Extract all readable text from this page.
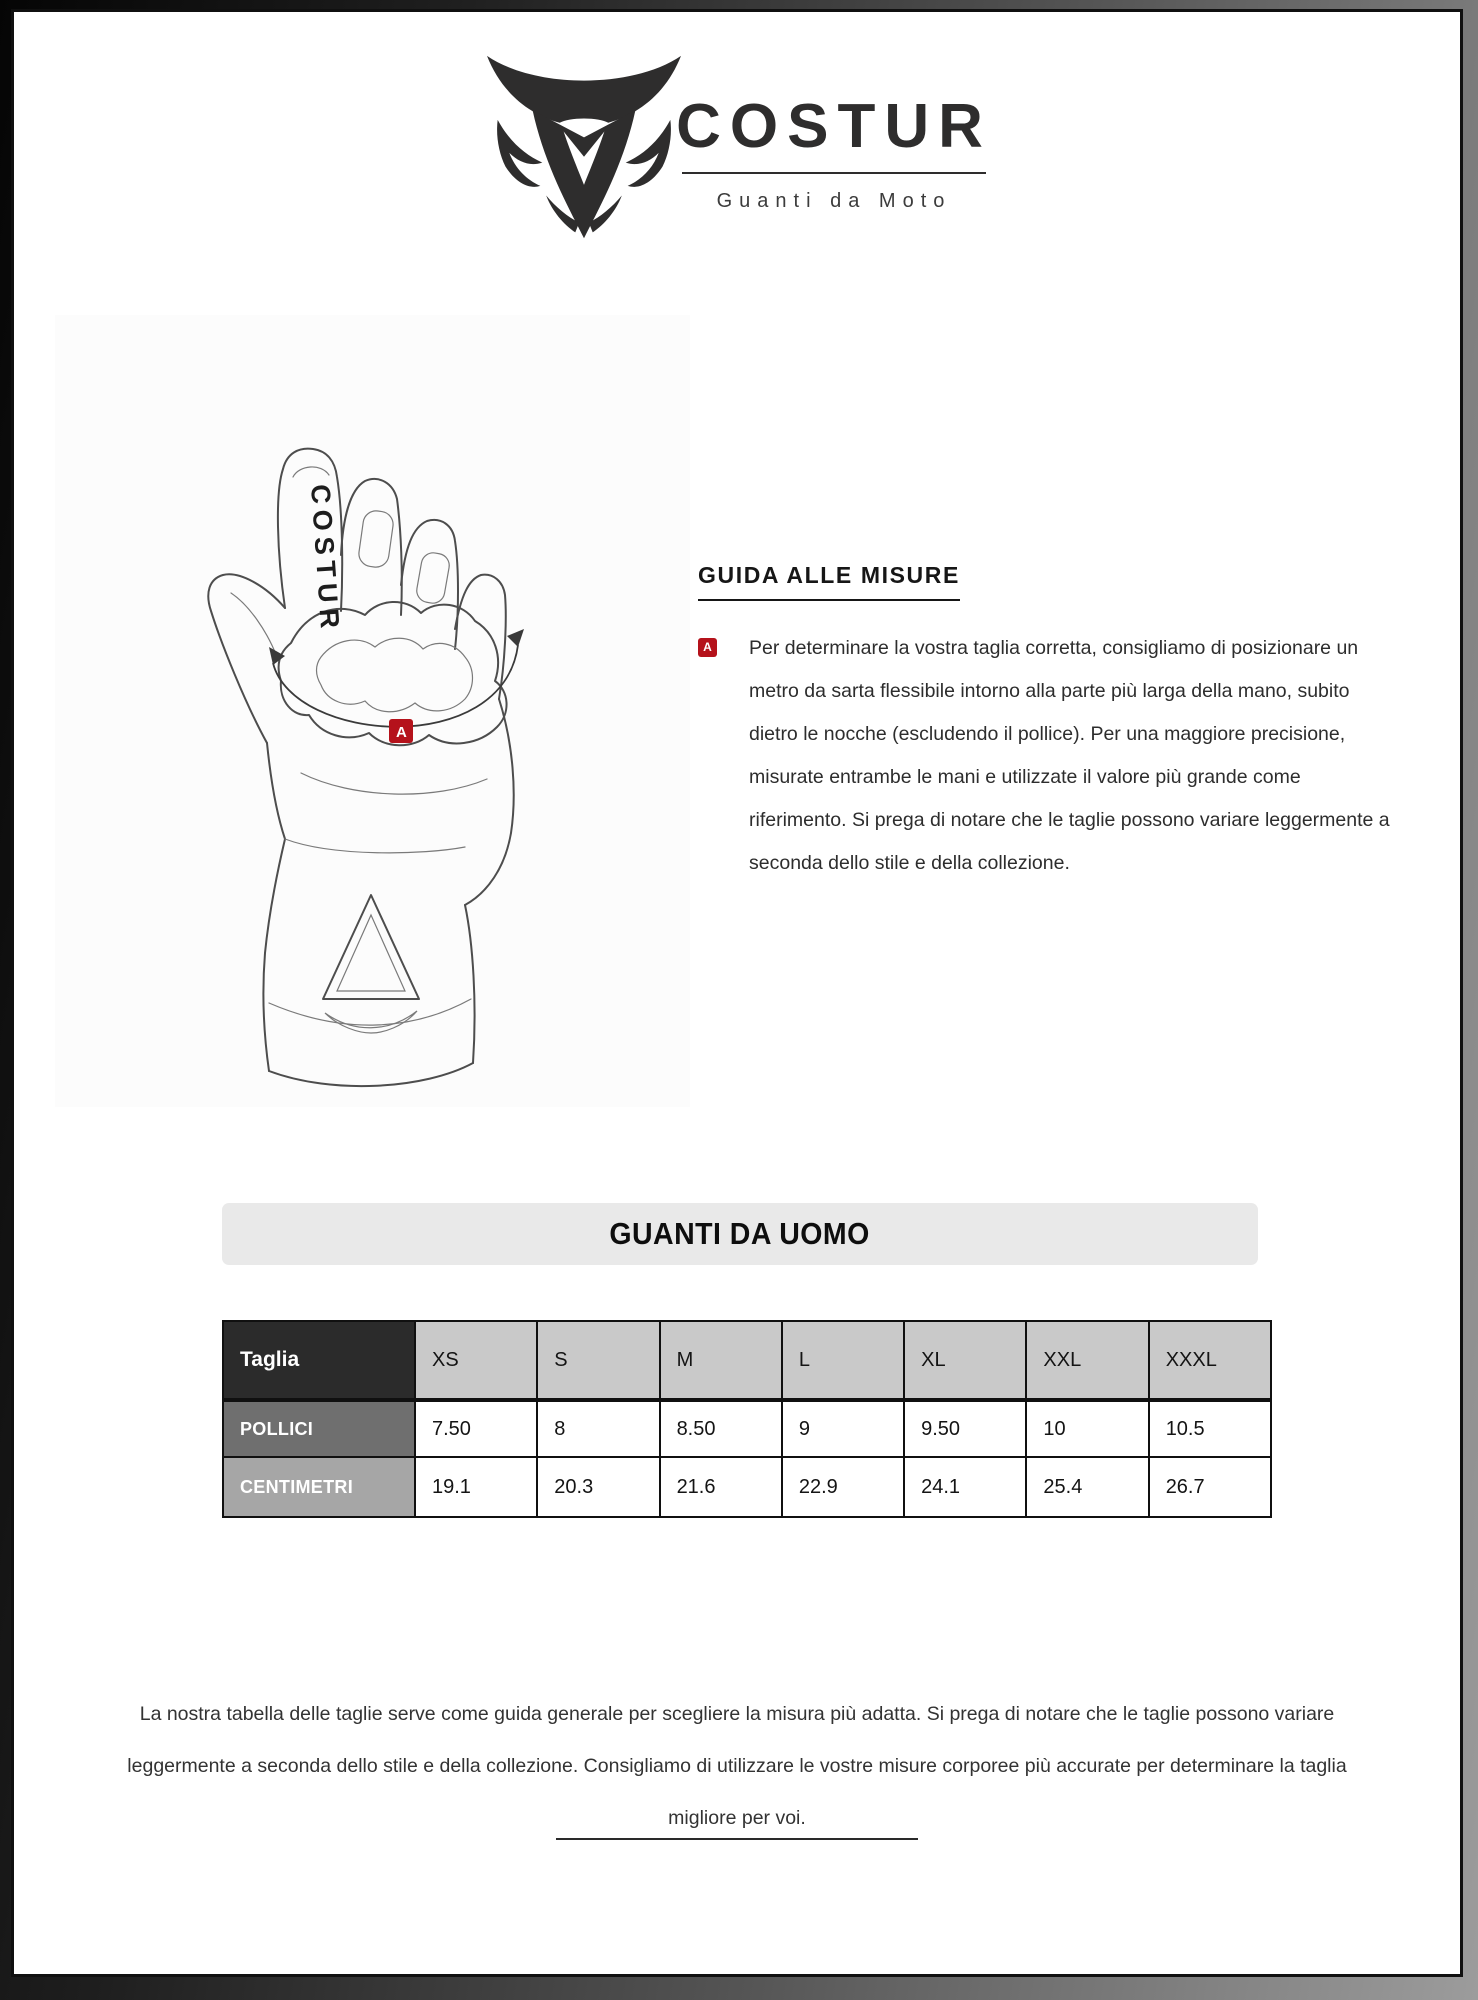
COSTUR
Guanti da Moto
A
COSTUR	GUIDA ALLE MISURE
A Per determinare la vostra taglia corretta, consigliamo di posizionare un metro da sarta flessibile intorno alla parte più larga della mano, subito dietro le nocche (escludendo il pollice). Per una maggiore precisione, misurate entrambe le mani e utilizzate il valore più grande come riferimento. Si prega di notare che le taglie possono variare leggermente a seconda dello stile e della collezione.
GUANTI DA UOMO
Taglia	XS	S	M	L	XL	XXL	XXXL
POLLICI	7.50	8	8.50	9	9.50	10	10.5
CENTIMETRI	19.1	20.3	21.6	22.9	24.1	25.4	26.7
La nostra tabella delle taglie serve come guida generale per scegliere la misura più adatta. Si prega di notare che le taglie possono variare leggermente a seconda dello stile e della collezione. Consigliamo di utilizzare le vostre misure corporee più accurate per determinare la taglia migliore per voi.
